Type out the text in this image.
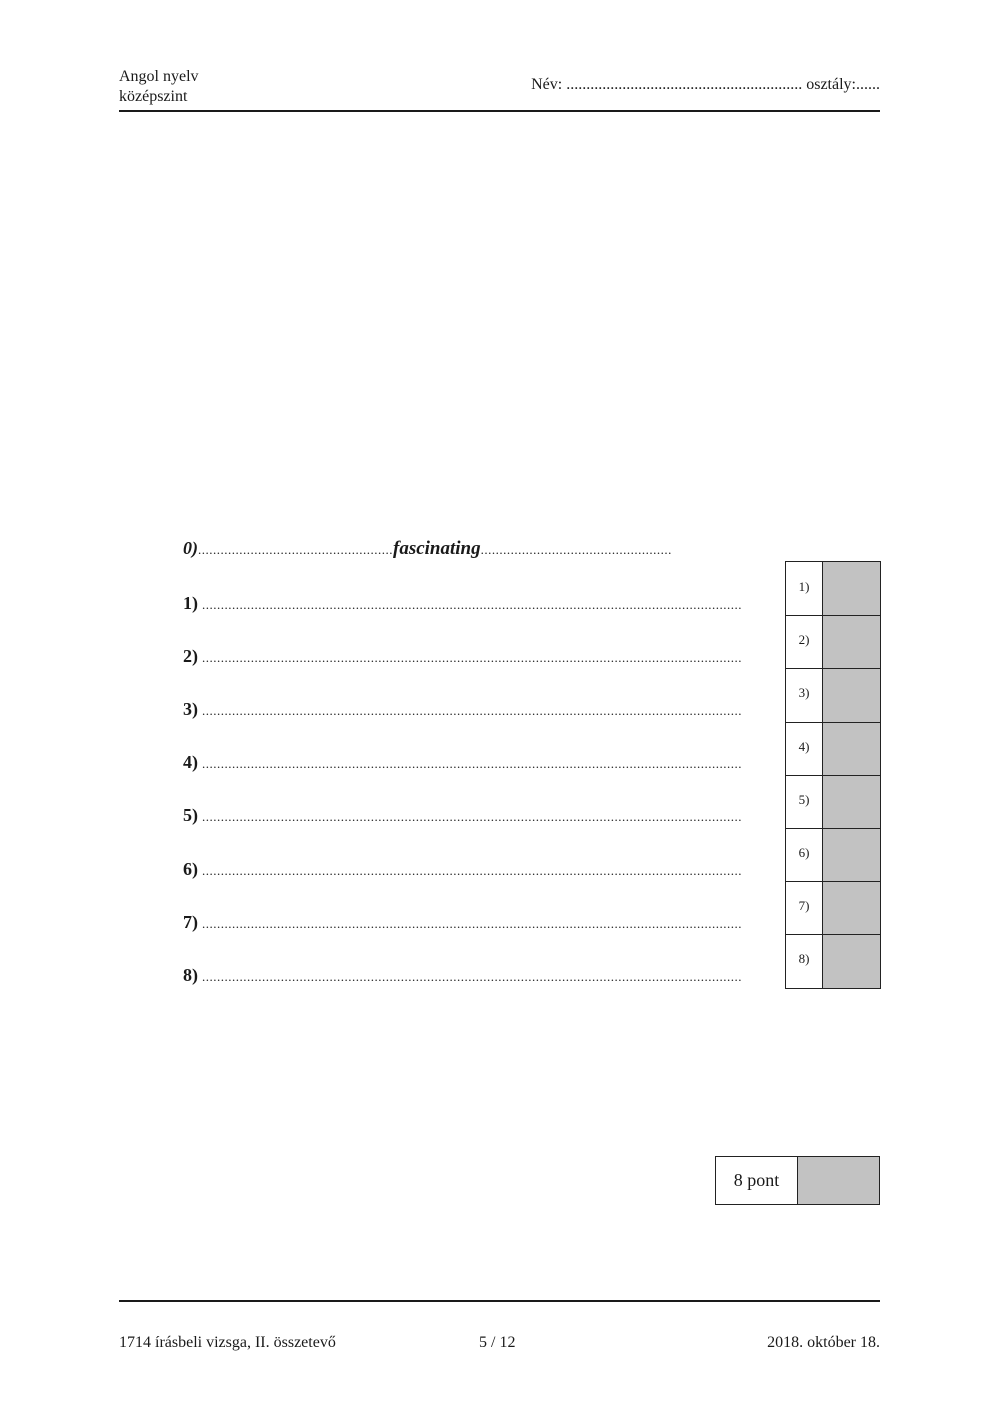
Angol nyelv
középszint
Név: ........................................................... osztály:......
0) .................................................... fascinating ...................................................
1) ................................................................................................................................................
2) ................................................................................................................................................
3) ................................................................................................................................................
4) ................................................................................................................................................
5) ................................................................................................................................................
6) ................................................................................................................................................
7) ................................................................................................................................................
8) ................................................................................................................................................
1)
2)
3)
4)
5)
6)
7)
8)
8 pont
1714 írásbeli vizsga, II. összetevő	5 / 12	2018. október 18.
